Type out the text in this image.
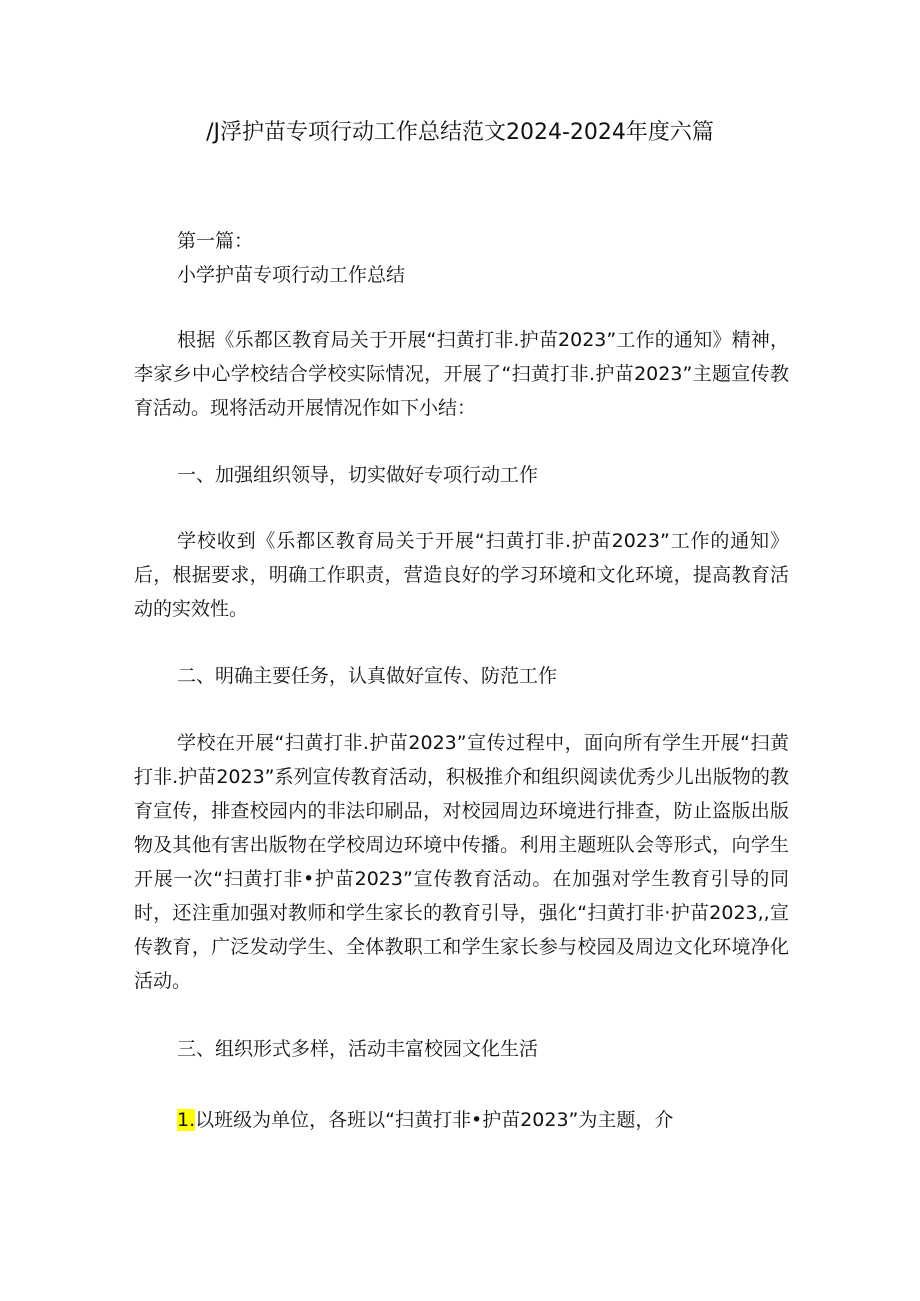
/J浮护苗专项行动工作总结范文2024-2024年度六篇
第一篇：
小学护苗专项行动工作总结
根据《乐都区教育局关于开展“扫黄打非.护苗2023”工作的通知》精神，李家乡中心学校结合学校实际情况，开展了“扫黄打非.护苗2023”主题宣传教育活动。现将活动开展情况作如下小结：
一、加强组织领导，切实做好专项行动工作
学校收到《乐都区教育局关于开展“扫黄打非.护苗2023”工作的通知》后，根据要求，明确工作职责，营造良好的学习环境和文化环境，提高教育活动的实效性。
二、明确主要任务，认真做好宣传、防范工作
学校在开展“扫黄打非.护苗2023”宣传过程中，面向所有学生开展“扫黄打非.护苗2023”系列宣传教育活动，积极推介和组织阅读优秀少儿出版物的教育宣传，排查校园内的非法印刷品，对校园周边环境进行排查，防止盗版出版物及其他有害出版物在学校周边环境中传播。利用主题班队会等形式，向学生开展一次“扫黄打非•护苗2023”宣传教育活动。在加强对学生教育引导的同时，还注重加强对教师和学生家长的教育引导，强化“扫黄打非·护苗2023,,宣传教育，广泛发动学生、全体教职工和学生家长参与校园及周边文化环境净化活动。
三、组织形式多样，活动丰富校园文化生活
1.以班级为单位，各班以“扫黄打非•护苗2023”为主题，介
